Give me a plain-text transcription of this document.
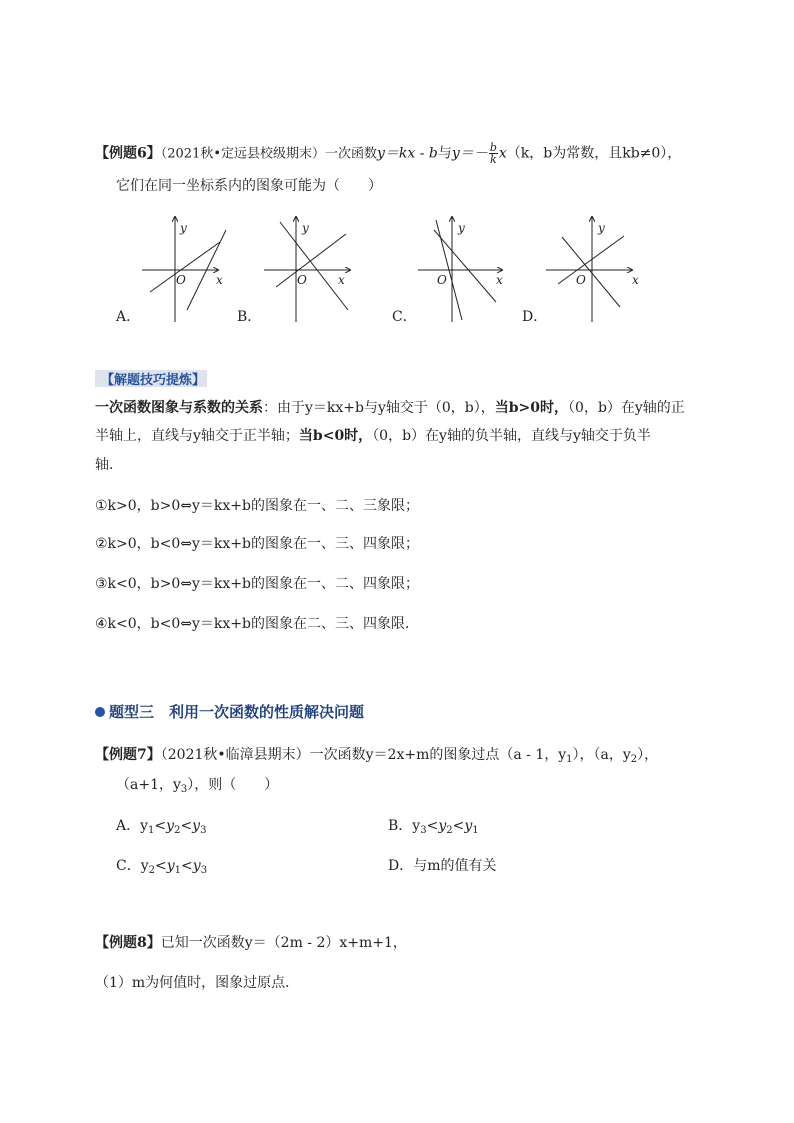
【例题6】（2021秋•定远县校级期末）一次函数y＝kx - b与$y=- \frac{b}{k} x(k$，b为常数，且kb≠0），
它们在同一坐标系内的图象可能为（　　）
y
x
O
y
x
O
y
x
O
y
x
O
A．	B．	C．	D．
【解题技巧提炼】
一次函数图象与系数的关系：由于y＝kx+b与y轴交于（0，b），当b>0时，（0，b）在y轴的正
半轴上，直线与y轴交于正半轴；当b<0时，（0，b）在y轴的负半轴，直线与y轴交于负半
轴．
①k>0，b>0⇔y＝kx+b的图象在一、二、三象限；
②k>0，b<0⇔y＝kx+b的图象在一、三、四象限；
③k<0，b>0⇔y＝kx+b的图象在一、二、四象限；
④k<0，b<0⇔y＝kx+b的图象在二、三、四象限．
题型三　利用一次函数的性质解决问题
【例题7】（2021秋•临漳县期末）一次函数y＝2x+m的图象过点（a - 1，$y_1$），（a，$y_2$），
（a+1，$y_3$），则（　　）
A．$y_1<y_2<y_3$	B．$y_3<y_2<y_1$
C．$y_2<y_1<y_3$	D．与m的值有关
【例题8】已知一次函数y＝（2m - 2）x+m+1，
（1）m为何值时，图象过原点．
